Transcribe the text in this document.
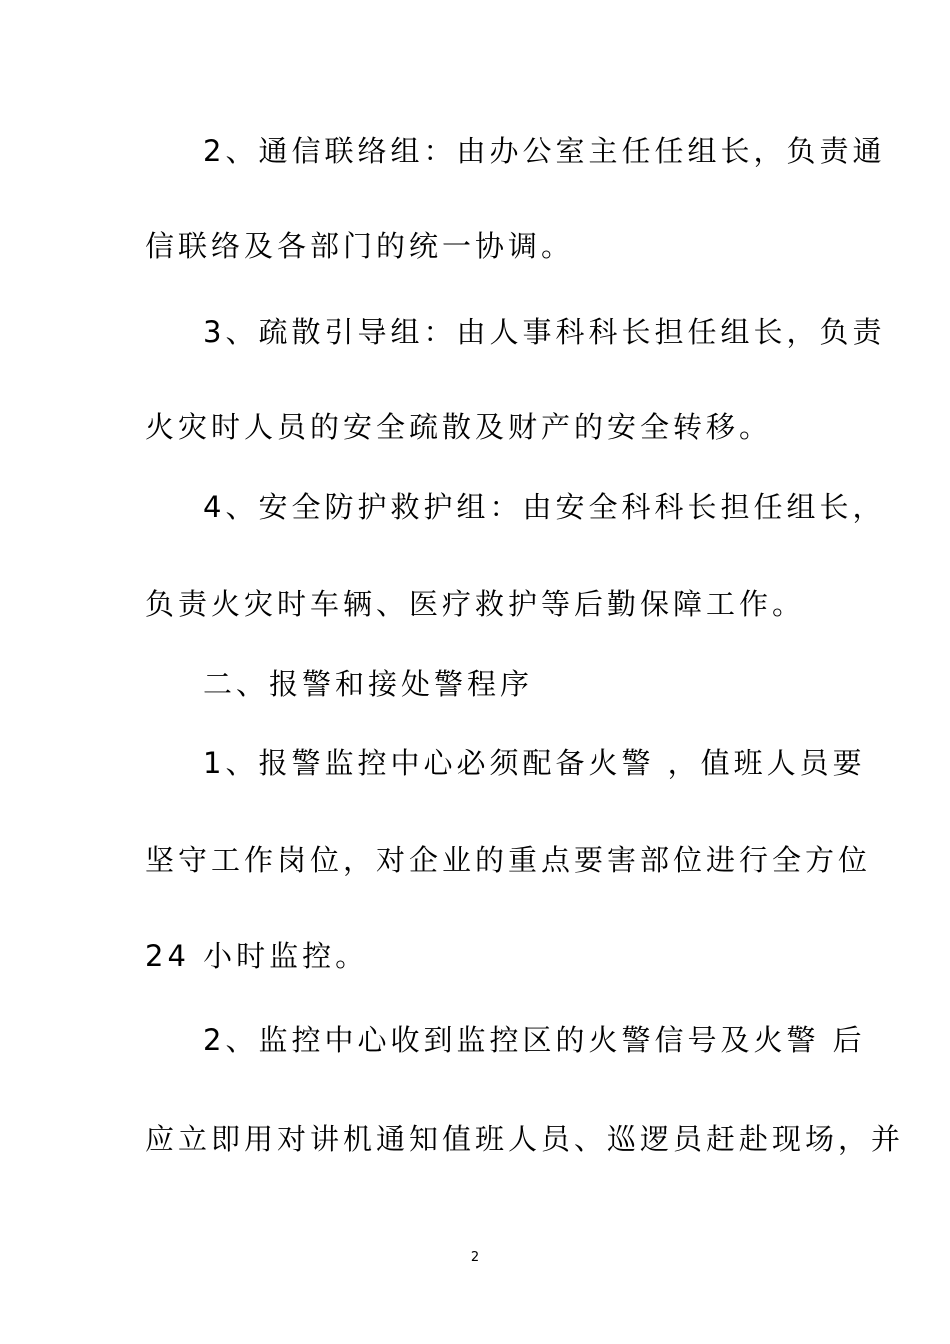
2、通信联络组：由办公室主任任组长，负责通
信联络及各部门的统一协调。
3、疏散引导组：由人事科科长担任组长，负责
火灾时人员的安全疏散及财产的安全转移。
4、安全防护救护组：由安全科科长担任组长，
负责火灾时车辆、医疗救护等后勤保障工作。
二、报警和接处警程序
1、报警监控中心必须配备火警 ，值班人员要
坚守工作岗位，对企业的重点要害部位进行全方位
24 小时监控。
2、监控中心收到监控区的火警信号及火警 后
应立即用对讲机通知值班人员、巡逻员赶赴现场，并
2
